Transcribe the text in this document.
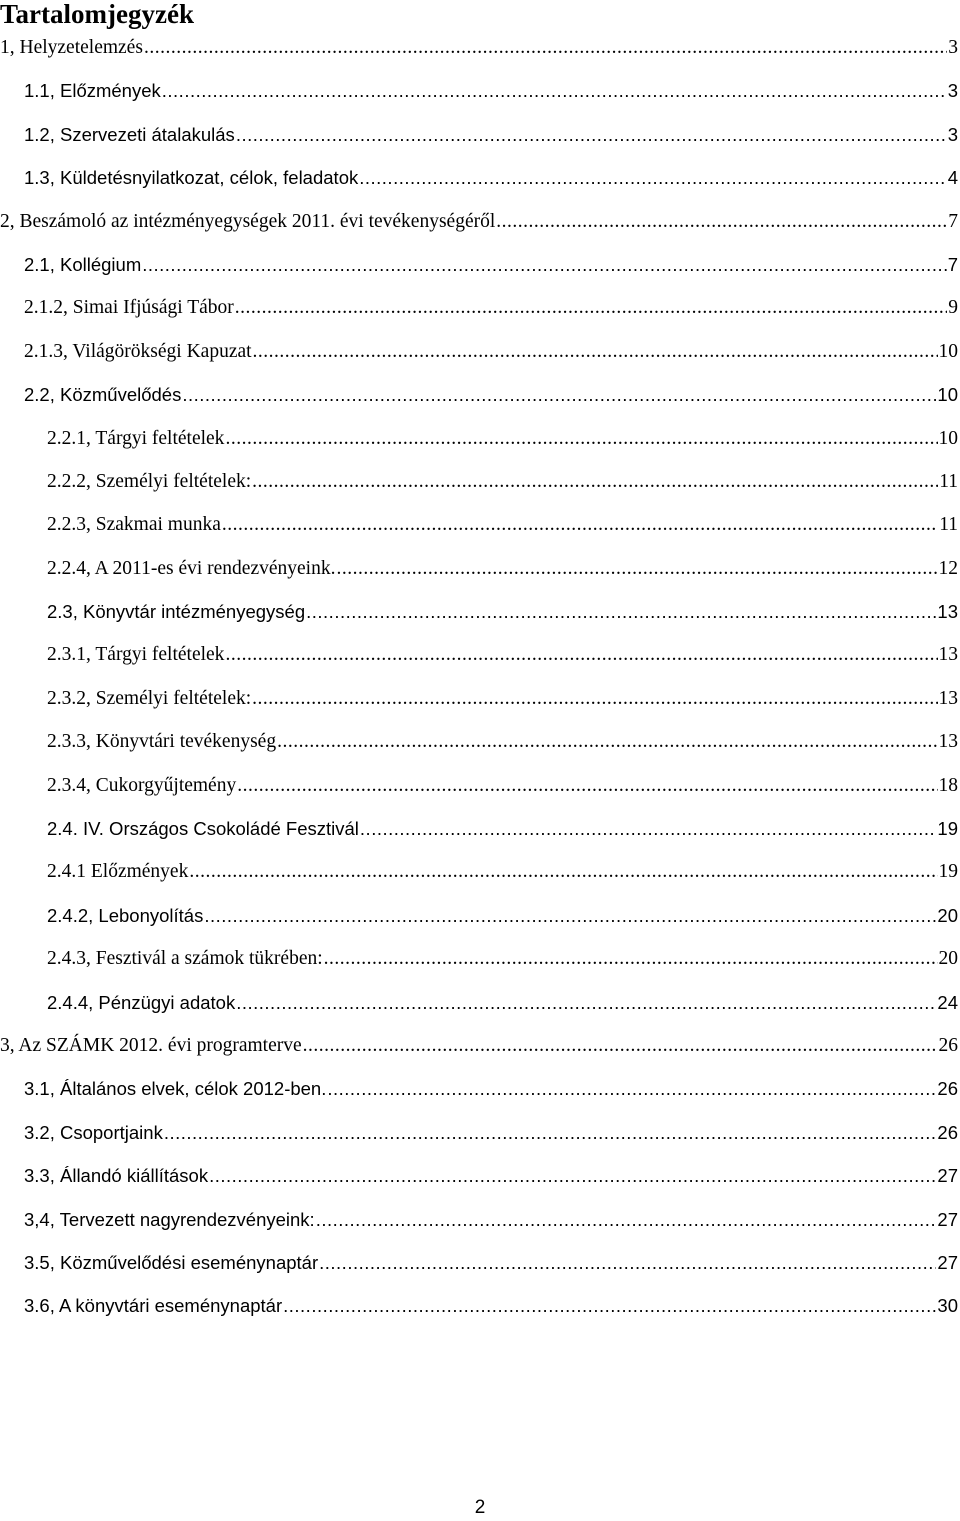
Tartalomjegyzék
1, Helyzetelemzés .....	3
1.1, Előzmények .....	3
1.2, Szervezeti átalakulás .....	3
1.3, Küldetésnyilatkozat, célok, feladatok .....	4
2, Beszámoló az intézményegységek 2011. évi tevékenységéről .....	7
2.1, Kollégium .....	7
2.1.2, Simai Ifjúsági Tábor .....	9
2.1.3, Világörökségi Kapuzat .....	10
2.2, Közművelődés .....	10
2.2.1, Tárgyi feltételek .....	10
2.2.2, Személyi feltételek: .....	11
2.2.3, Szakmai munka .....	11
2.2.4, A 2011-es évi rendezvényeink. .....	12
2.3, Könyvtár intézményegység .....	13
2.3.1, Tárgyi feltételek .....	13
2.3.2, Személyi feltételek: .....	13
2.3.3, Könyvtári tevékenység .....	13
2.3.4, Cukorgyűjtemény .....	18
2.4. IV. Országos Csokoládé Fesztivál .....	19
2.4.1 Előzmények .....	19
2.4.2, Lebonyolítás .....	20
2.4.3, Fesztivál a számok tükrében: .....	20
2.4.4, Pénzügyi adatok .....	24
3, Az SZÁMK 2012. évi programterve .....	26
3.1, Általános elvek, célok 2012-ben. .....	26
3.2, Csoportjaink .....	26
3.3, Állandó kiállítások .....	27
3,4, Tervezett nagyrendezvényeink: .....	27
3.5, Közművelődési eseménynaptár .....	27
3.6, A könyvtári eseménynaptár .....	30
2
